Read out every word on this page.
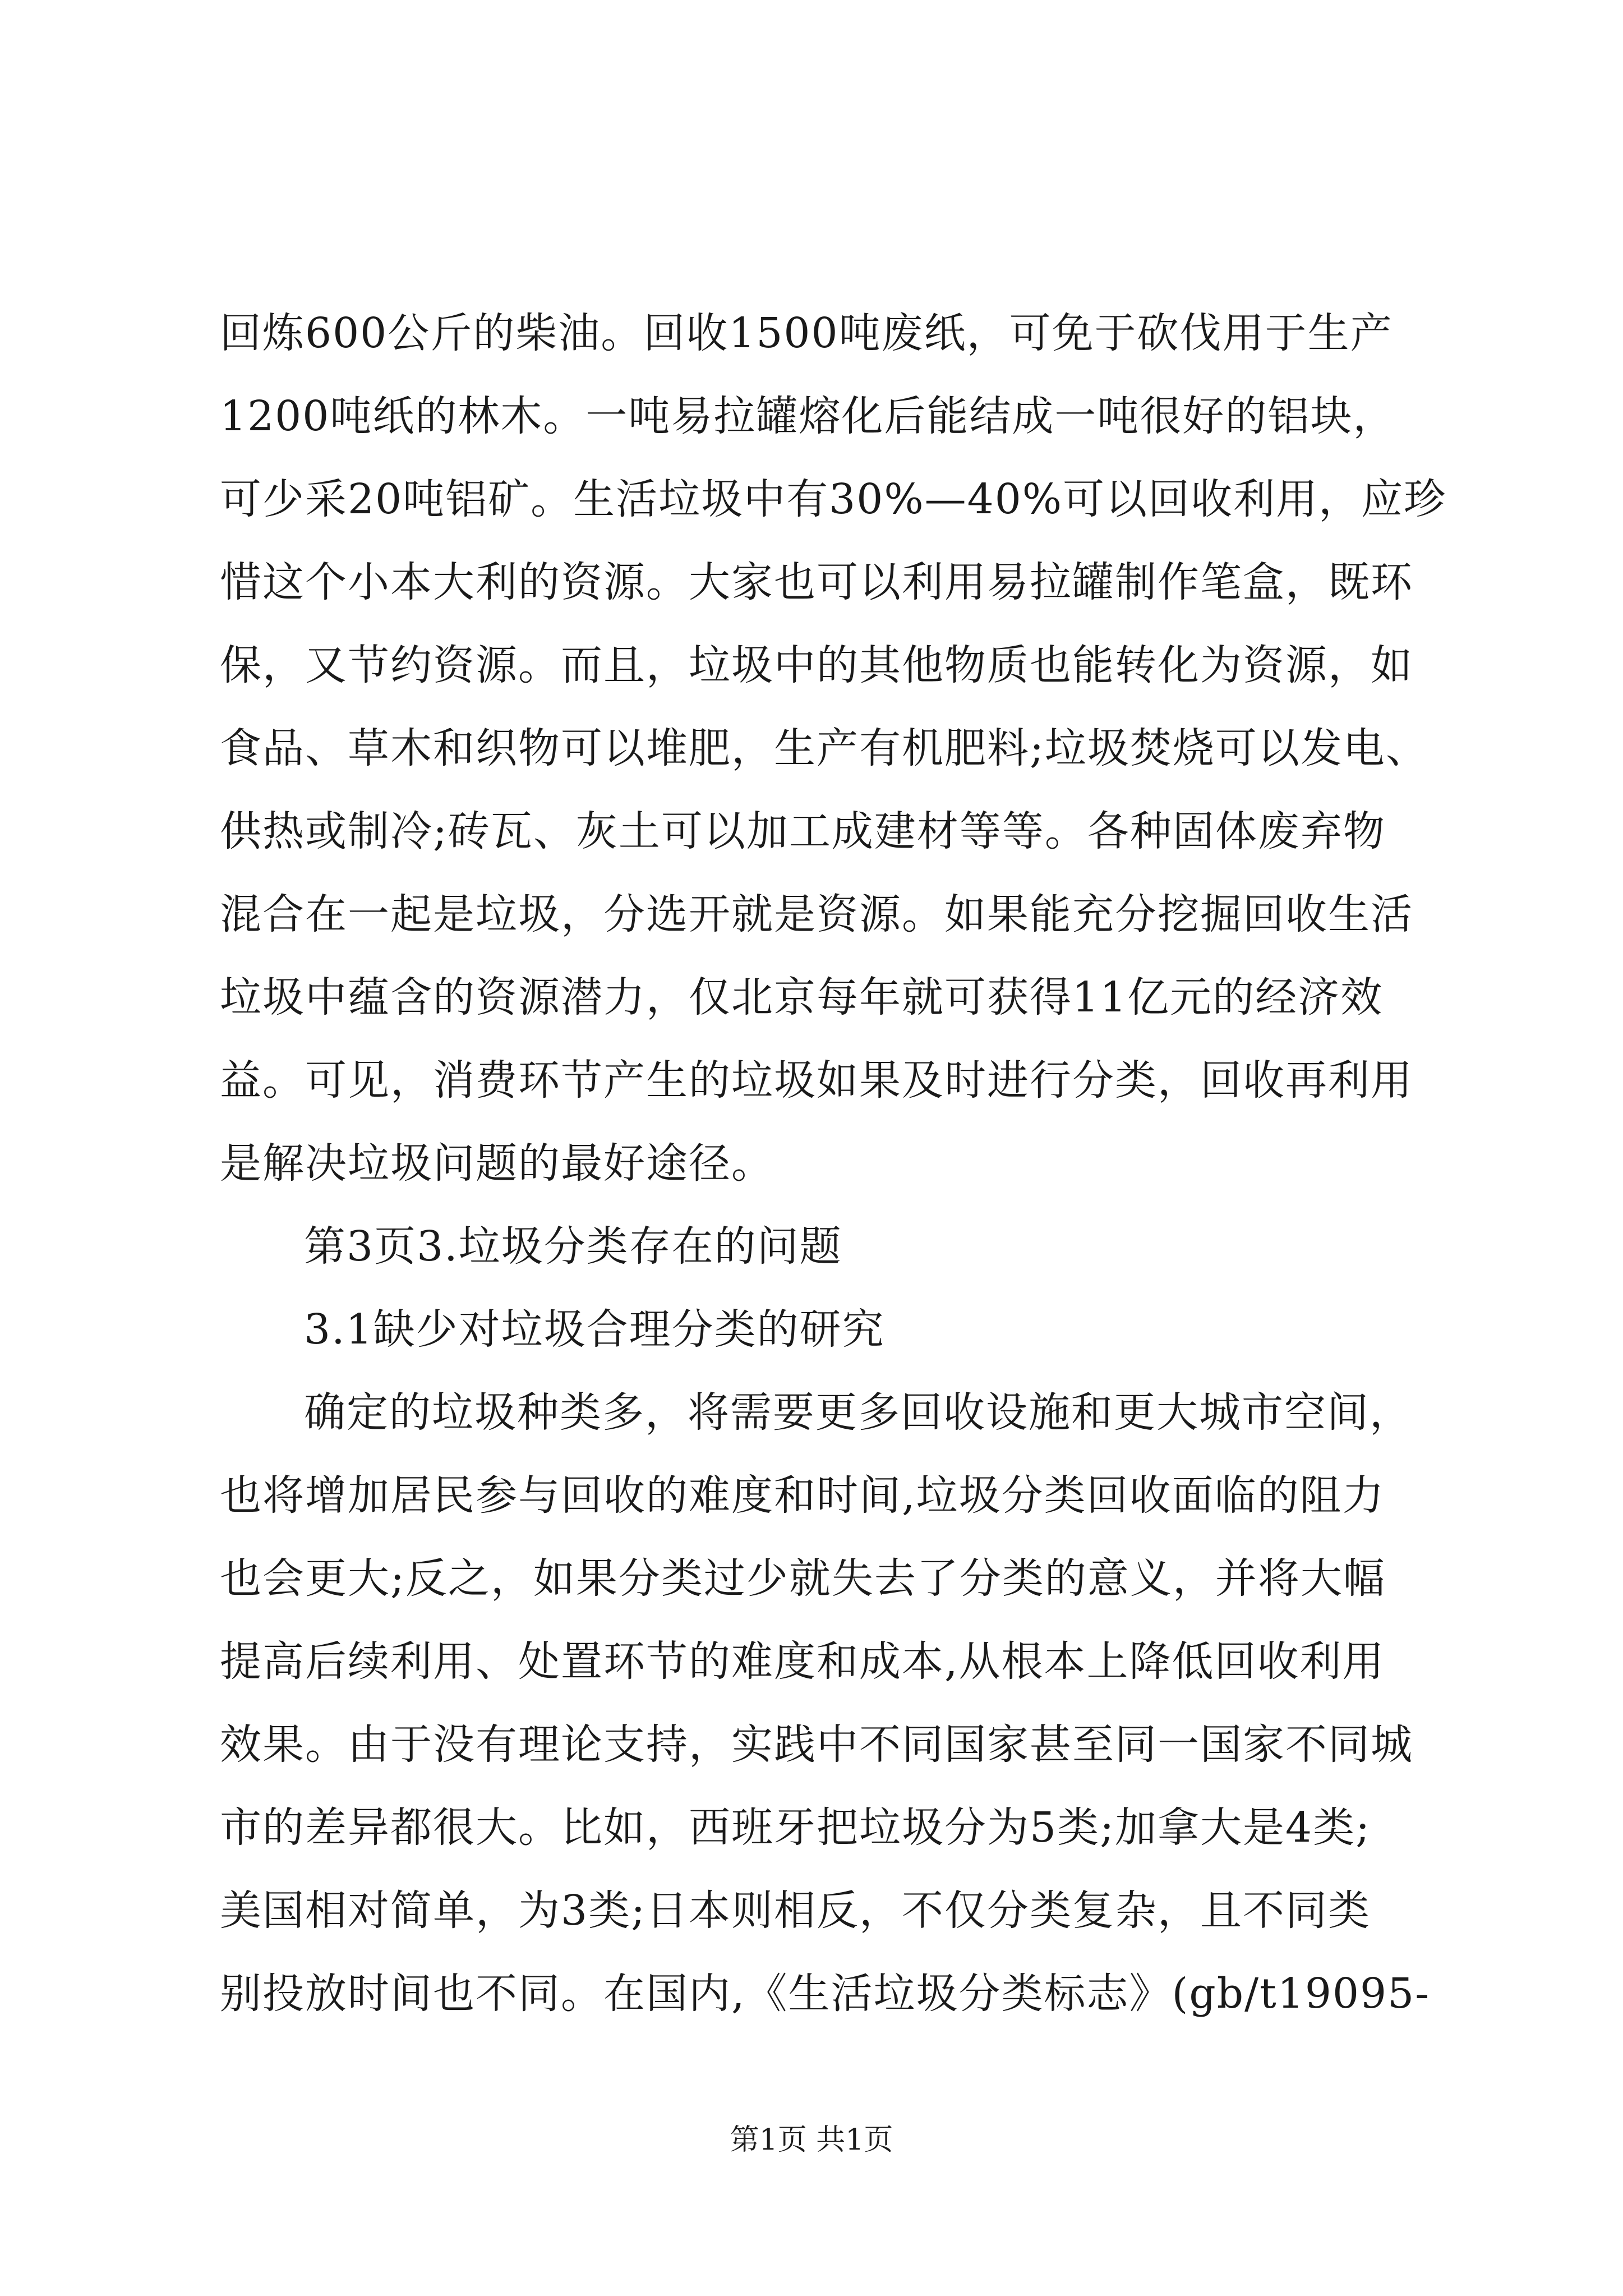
回炼600公斤的柴油。回收1500吨废纸，可免于砍伐用于生产
1200吨纸的林木。一吨易拉罐熔化后能结成一吨很好的铝块，
可少采20吨铝矿。生活垃圾中有30%—40%可以回收利用，应珍
惜这个小本大利的资源。大家也可以利用易拉罐制作笔盒，既环
保，又节约资源。而且，垃圾中的其他物质也能转化为资源，如
食品、草木和织物可以堆肥，生产有机肥料;垃圾焚烧可以发电、
供热或制冷;砖瓦、灰土可以加工成建材等等。各种固体废弃物
混合在一起是垃圾，分选开就是资源。如果能充分挖掘回收生活
垃圾中蕴含的资源潜力，仅北京每年就可获得11亿元的经济效
益。可见，消费环节产生的垃圾如果及时进行分类，回收再利用
是解决垃圾问题的最好途径。
第3页3.垃圾分类存在的问题
3.1缺少对垃圾合理分类的研究
确定的垃圾种类多，将需要更多回收设施和更大城市空间，
也将增加居民参与回收的难度和时间,垃圾分类回收面临的阻力
也会更大;反之，如果分类过少就失去了分类的意义，并将大幅
提高后续利用、处置环节的难度和成本,从根本上降低回收利用
效果。由于没有理论支持，实践中不同国家甚至同一国家不同城
市的差异都很大。比如，西班牙把垃圾分为5类;加拿大是4类;
美国相对简单，为3类;日本则相反，不仅分类复杂，且不同类
别投放时间也不同。在国内,《生活垃圾分类标志》(gb/t19095-
第1页 共1页
